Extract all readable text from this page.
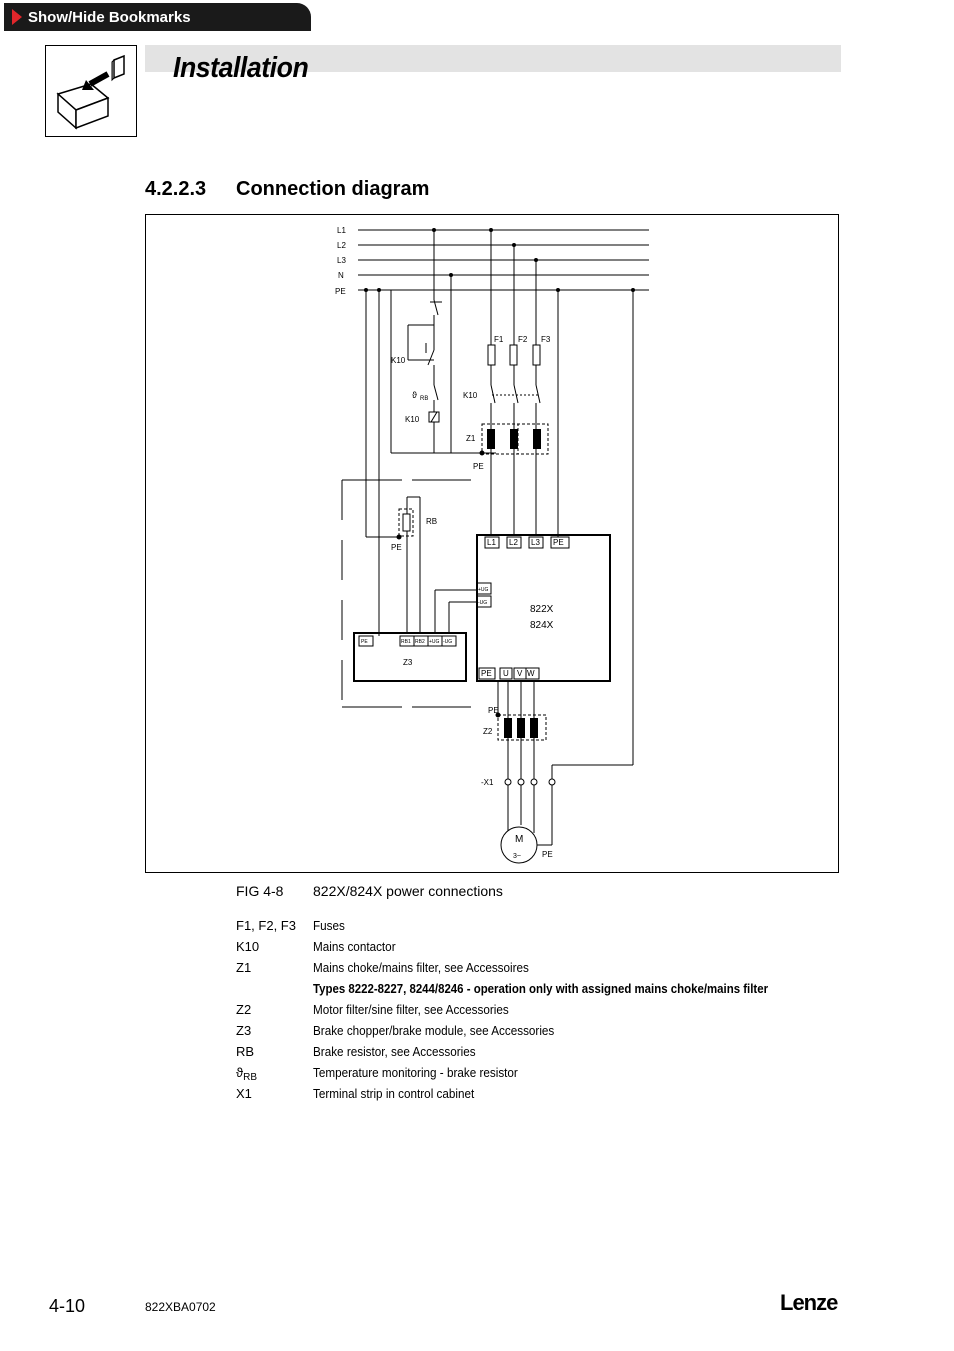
Show/Hide Bookmarks
Installation
4.2.2.3 Connection diagram
L1
L2
L3
N
PE
K10
ϑ RB
K10
F1 F2 F3
K10
Z1
PE
RB
PE
PE	RB1 RB2 +UG -UG
Z3
L1 L2 L3 PE
+UG
-UG
822X
824X
PE U V W
PE
Z2
-X1
M
3~	PE
FIG 4-8 822X/824X power connections
F1, F2, F3 Fuses
K10	Mains contactor
Z1	Mains choke/mains filter, see Accessoires
Types 8222-8227, 8244/8246 - operation only with assigned mains choke/mains filter
Z2	Motor filter/sine filter, see Accessories
Z3	Brake chopper/brake module, see Accessories
RB	Brake resistor, see Accessories
$ϑ_{RB}$	Temperature monitoring - brake resistor
X1	Terminal strip in control cabinet
4-10	822XBA0702	Lenze
